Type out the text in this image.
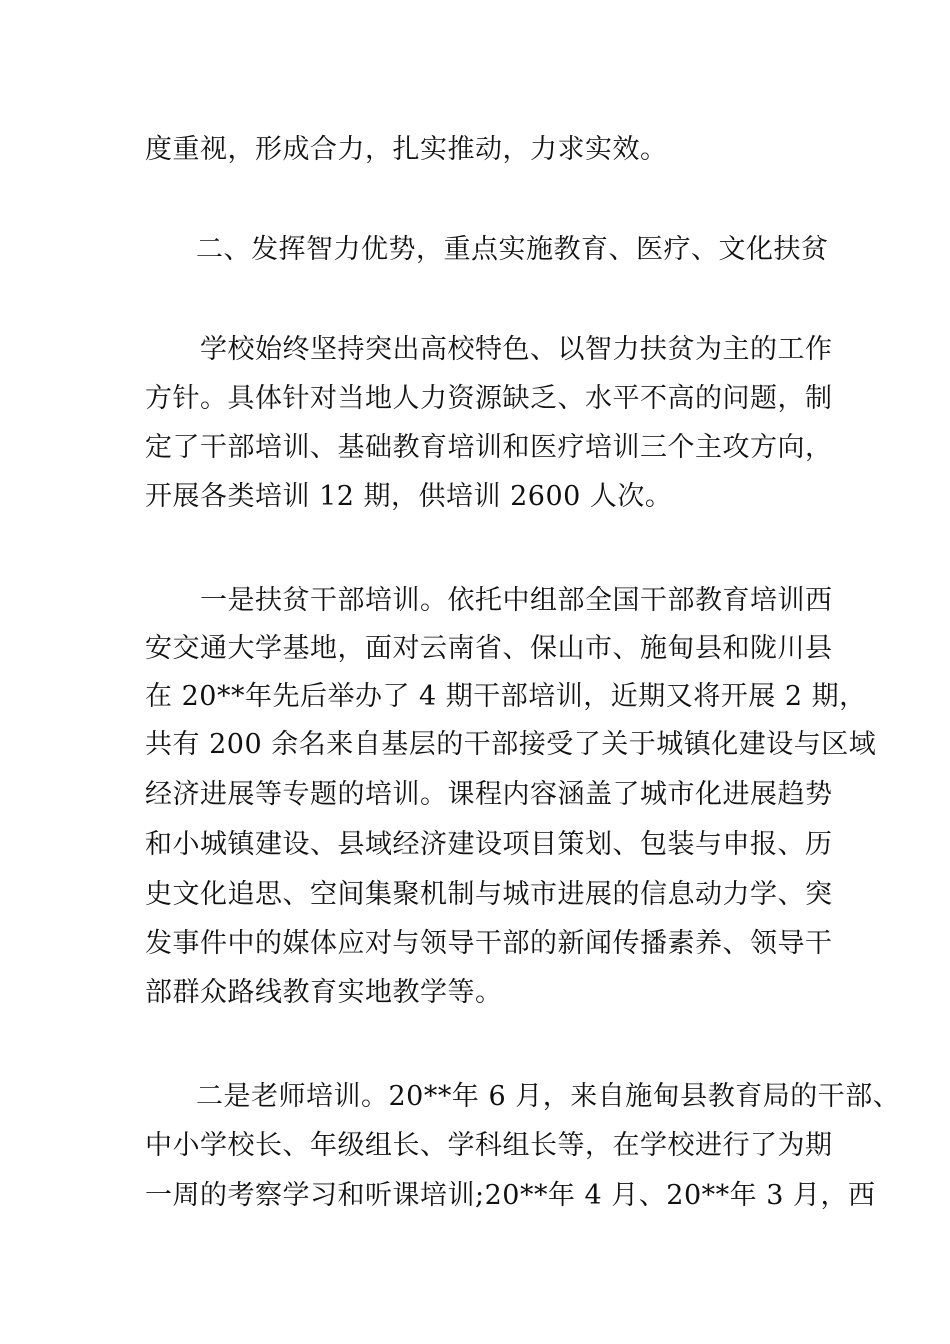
度重视，形成合力，扎实推动，力求实效。
二、发挥智力优势，重点实施教育、医疗、文化扶贫
学校始终坚持突出高校特色、以智力扶贫为主的工作
方针。具体针对当地人力资源缺乏、水平不高的问题，制
定了干部培训、基础教育培训和医疗培训三个主攻方向，
开展各类培训 12 期，供培训 2600 人次。
一是扶贫干部培训。依托中组部全国干部教育培训西
安交通大学基地，面对云南省、保山市、施甸县和陇川县
在 20**年先后举办了 4 期干部培训，近期又将开展 2 期，
共有 200 余名来自基层的干部接受了关于城镇化建设与区域
经济进展等专题的培训。课程内容涵盖了城市化进展趋势
和小城镇建设、县域经济建设项目策划、包装与申报、历
史文化追思、空间集聚机制与城市进展的信息动力学、突
发事件中的媒体应对与领导干部的新闻传播素养、领导干
部群众路线教育实地教学等。
二是老师培训。20**年 6 月，来自施甸县教育局的干部、
中小学校长、年级组长、学科组长等，在学校进行了为期
一周的考察学习和听课培训;20**年 4 月、20**年 3 月，西
